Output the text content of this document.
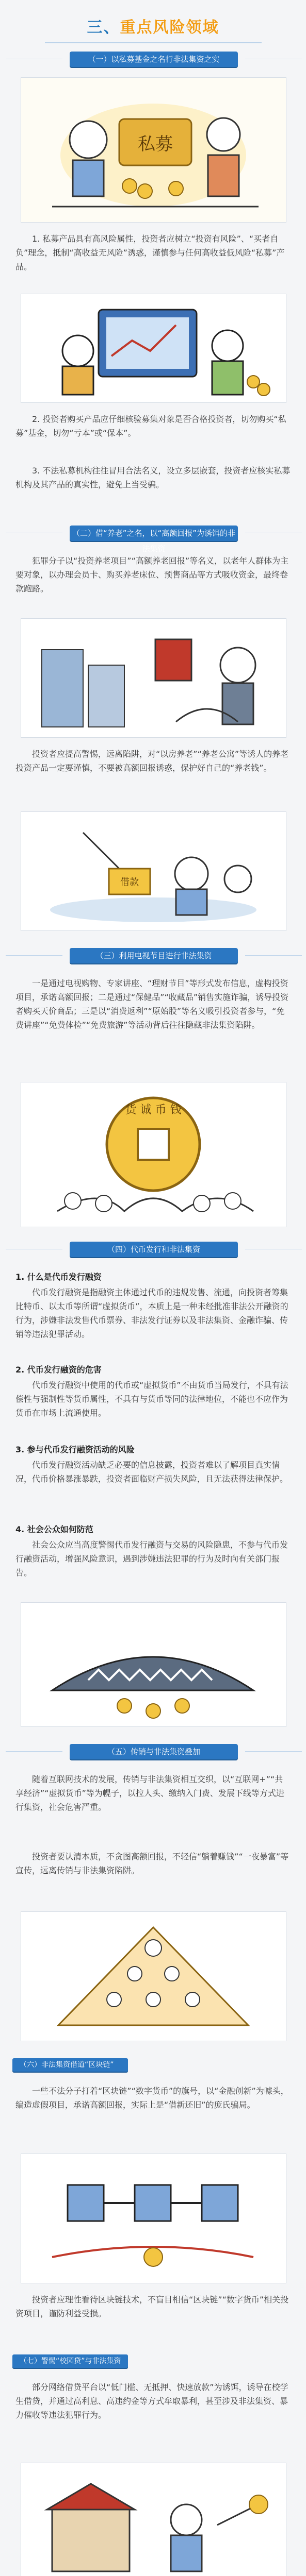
三、重点风险领域
（一）以私募基金之名行非法集资之实
私募
1. 私募产品具有高风险属性，投资者应树立“投资有风险”、“买者自负”理念，抵制“高收益无风险”诱惑，谨慎参与任何高收益低风险“私募”产品。
2. 投资者购买产品应仔细核验募集对象是否合格投资者，切勿购买“私募”基金，切勿“亏本”或“保本”。
3. 不法私募机构往往冒用合法名义，设立多层嵌套，投资者应核实私募机构及其产品的真实性，避免上当受骗。
（二）借“养老”之名，以“高额回报”为诱饵的非法集资
犯罪分子以“投资养老项目”“高额养老回报”等名义，以老年人群体为主要对象，以办理会员卡、购买养老床位、预售商品等方式吸收资金，最终卷款跑路。
投资者应提高警惕，远离陷阱，对“以房养老”“养老公寓”等诱人的养老投资产品一定要谨慎，不要被高额回报诱惑，保护好自己的“养老钱”。
借款
（三）利用电视节目进行非法集资
一是通过电视购物、专家讲座、“理财节目”等形式发布信息，虚构投资项目，承诺高额回报；二是通过“保健品”“收藏品”销售实施诈骗，诱导投资者购买天价商品；三是以“消费返利”“原始股”等名义吸引投资者参与，“免费讲座”“免费体检”“免费旅游”等活动背后往往隐藏非法集资陷阱。
货 诚 币 钱
（四）代币发行和非法集资
1. 什么是代币发行融资
代币发行融资是指融资主体通过代币的违规发售、流通，向投资者筹集比特币、以太币等所谓“虚拟货币”，本质上是一种未经批准非法公开融资的行为，涉嫌非法发售代币票券、非法发行证券以及非法集资、金融诈骗、传销等违法犯罪活动。
2. 代币发行融资的危害
代币发行融资中使用的代币或“虚拟货币”不由货币当局发行，不具有法偿性与强制性等货币属性，不具有与货币等同的法律地位，不能也不应作为货币在市场上流通使用。
3. 参与代币发行融资活动的风险
代币发行融资活动缺乏必要的信息披露，投资者难以了解项目真实情况，代币价格暴涨暴跌，投资者面临财产损失风险，且无法获得法律保护。
4. 社会公众如何防范
社会公众应当高度警惕代币发行融资与交易的风险隐患，不参与代币发行融资活动，增强风险意识，遇到涉嫌违法犯罪的行为及时向有关部门报告。
（五）传销与非法集资叠加
随着互联网技术的发展，传销与非法集资相互交织，以“互联网+”“共享经济”“虚拟货币”等为幌子，以拉人头、缴纳入门费、发展下线等方式进行集资，社会危害严重。
投资者要认清本质，不贪图高额回报，不轻信“躺着赚钱”“一夜暴富”等宣传，远离传销与非法集资陷阱。
（六）非法集资借道“区块链”
一些不法分子打着“区块链”“数字货币”的旗号，以“金融创新”为噱头，编造虚假项目，承诺高额回报，实际上是“借新还旧”的庞氏骗局。
投资者应理性看待区块链技术，不盲目相信“区块链”“数字货币”相关投资项目，谨防利益受损。
（七）警惕“校园贷”与非法集资
部分网络借贷平台以“低门槛、无抵押、快速放款”为诱饵，诱导在校学生借贷，并通过高利息、高违约金等方式牟取暴利，甚至涉及非法集资、暴力催收等违法犯罪行为。
